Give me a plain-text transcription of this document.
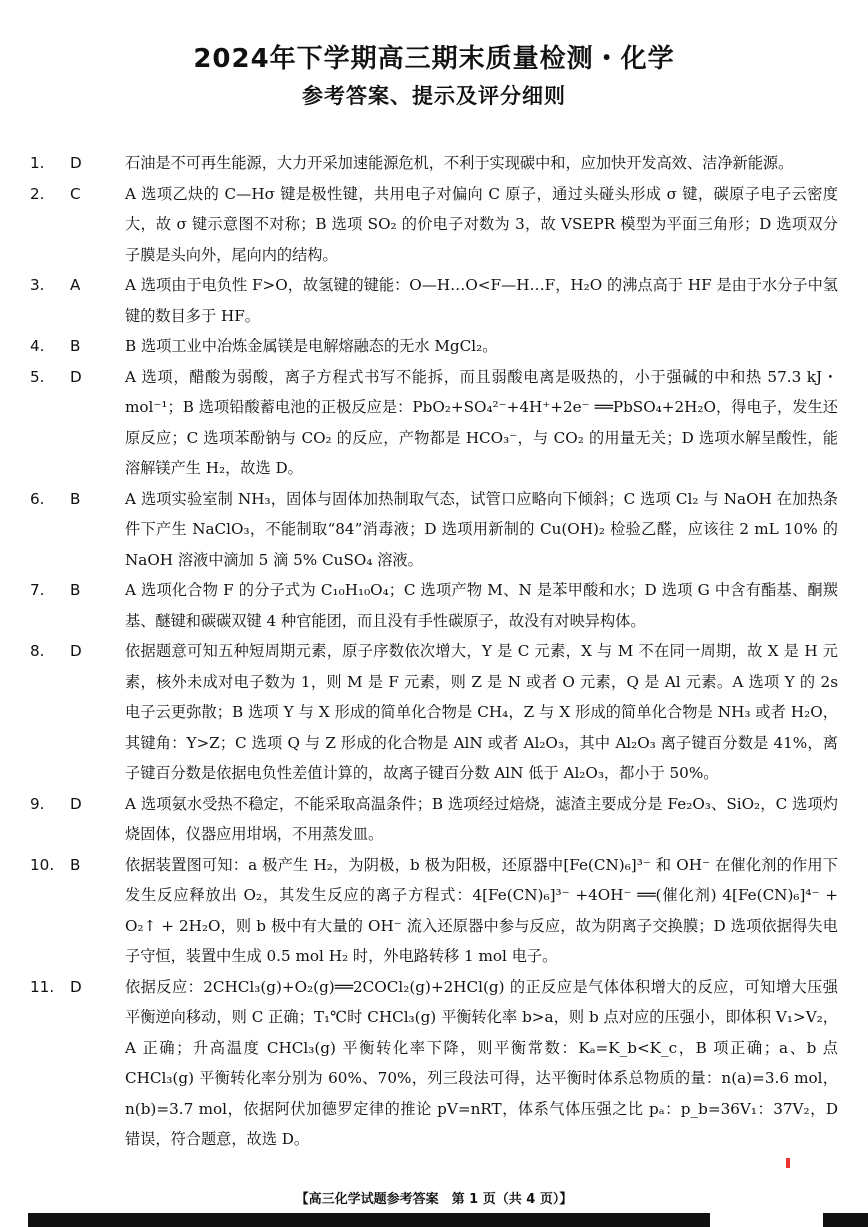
2024年下学期高三期末质量检测・化学
参考答案、提示及评分细则

1.	D	石油是不可再生能源，大力开采加速能源危机，不利于实现碳中和，应加快开发高效、洁净新能源。

2.	C	A 选项乙炔的 C—Hσ 键是极性键，共用电子对偏向 C 原子，通过头碰头形成 σ 键，碳原子电子云密度大，故 σ 键示意图不对称；B 选项 SO₂ 的价电子对数为 3，故 VSEPR 模型为平面三角形；D 选项双分子膜是头向外，尾向内的结构。

3.	A	A 选项由于电负性 F>O，故氢键的键能：O—H…O<F—H…F，H₂O 的沸点高于 HF 是由于水分子中氢键的数目多于 HF。

4.	B	B 选项工业中冶炼金属镁是电解熔融态的无水 MgCl₂。

5.	D	A 选项，醋酸为弱酸，离子方程式书写不能拆，而且弱酸电离是吸热的，小于强碱的中和热 57.3 kJ・mol⁻¹；B 选项铅酸蓄电池的正极反应是：PbO₂+SO₄²⁻+4H⁺+2e⁻ ══PbSO₄+2H₂O，得电子，发生还原反应；C 选项苯酚钠与 CO₂ 的反应，产物都是 HCO₃⁻，与 CO₂ 的用量无关；D 选项水解呈酸性，能溶解镁产生 H₂，故选 D。

6.	B	A 选项实验室制 NH₃，固体与固体加热制取气态，试管口应略向下倾斜；C 选项 Cl₂ 与 NaOH 在加热条件下产生 NaClO₃，不能制取“84”消毒液；D 选项用新制的 Cu(OH)₂ 检验乙醛，应该往 2 mL 10% 的 NaOH 溶液中滴加 5 滴 5% CuSO₄ 溶液。

7.	B	A 选项化合物 F 的分子式为 C₁₀H₁₀O₄；C 选项产物 M、N 是苯甲酸和水；D 选项 G 中含有酯基、酮羰基、醚键和碳碳双键 4 种官能团，而且没有手性碳原子，故没有对映异构体。

8.	D	依据题意可知五种短周期元素，原子序数依次增大，Y 是 C 元素，X 与 M 不在同一周期，故 X 是 H 元素，核外未成对电子数为 1，则 M 是 F 元素，则 Z 是 N 或者 O 元素，Q 是 Al 元素。A 选项 Y 的 2s 电子云更弥散；B 选项 Y 与 X 形成的简单化合物是 CH₄，Z 与 X 形成的简单化合物是 NH₃ 或者 H₂O，其键角：Y>Z；C 选项 Q 与 Z 形成的化合物是 AlN 或者 Al₂O₃，其中 Al₂O₃ 离子键百分数是 41%，离子键百分数是依据电负性差值计算的，故离子键百分数 AlN 低于 Al₂O₃，都小于 50%。

9.	D	A 选项氨水受热不稳定，不能采取高温条件；B 选项经过焙烧，滤渣主要成分是 Fe₂O₃、SiO₂，C 选项灼烧固体，仪器应用坩埚，不用蒸发皿。

10.	B	依据装置图可知：a 极产生 H₂，为阴极，b 极为阳极，还原器中[Fe(CN)₆]³⁻ 和 OH⁻ 在催化剂的作用下发生反应释放出 O₂，其发生反应的离子方程式：4[Fe(CN)₆]³⁻ +4OH⁻ ══(催化剂) 4[Fe(CN)₆]⁴⁻ + O₂↑ + 2H₂O，则 b 极中有大量的 OH⁻ 流入还原器中参与反应，故为阴离子交换膜；D 选项依据得失电子守恒，装置中生成 0.5 mol H₂ 时，外电路转移 1 mol 电子。

11.	D	依据反应：2CHCl₃(g)+O₂(g)══2COCl₂(g)+2HCl(g) 的正反应是气体体积增大的反应，可知增大压强平衡逆向移动，则 C 正确；T₁℃时 CHCl₃(g) 平衡转化率 b>a，则 b 点对应的压强小，即体积 V₁>V₂，A 正确；升高温度 CHCl₃(g) 平衡转化率下降，则平衡常数：Kₐ=K_b<K_c，B 项正确；a、b 点 CHCl₃(g) 平衡转化率分别为 60%、70%，列三段法可得，达平衡时体系总物质的量：n(a)=3.6 mol，n(b)=3.7 mol，依据阿伏加德罗定律的推论 pV=nRT，体系气体压强之比 pₐ：p_b=36V₁：37V₂，D 错误，符合题意，故选 D。

【高三化学试题参考答案　第 1 页（共 4 页）】
